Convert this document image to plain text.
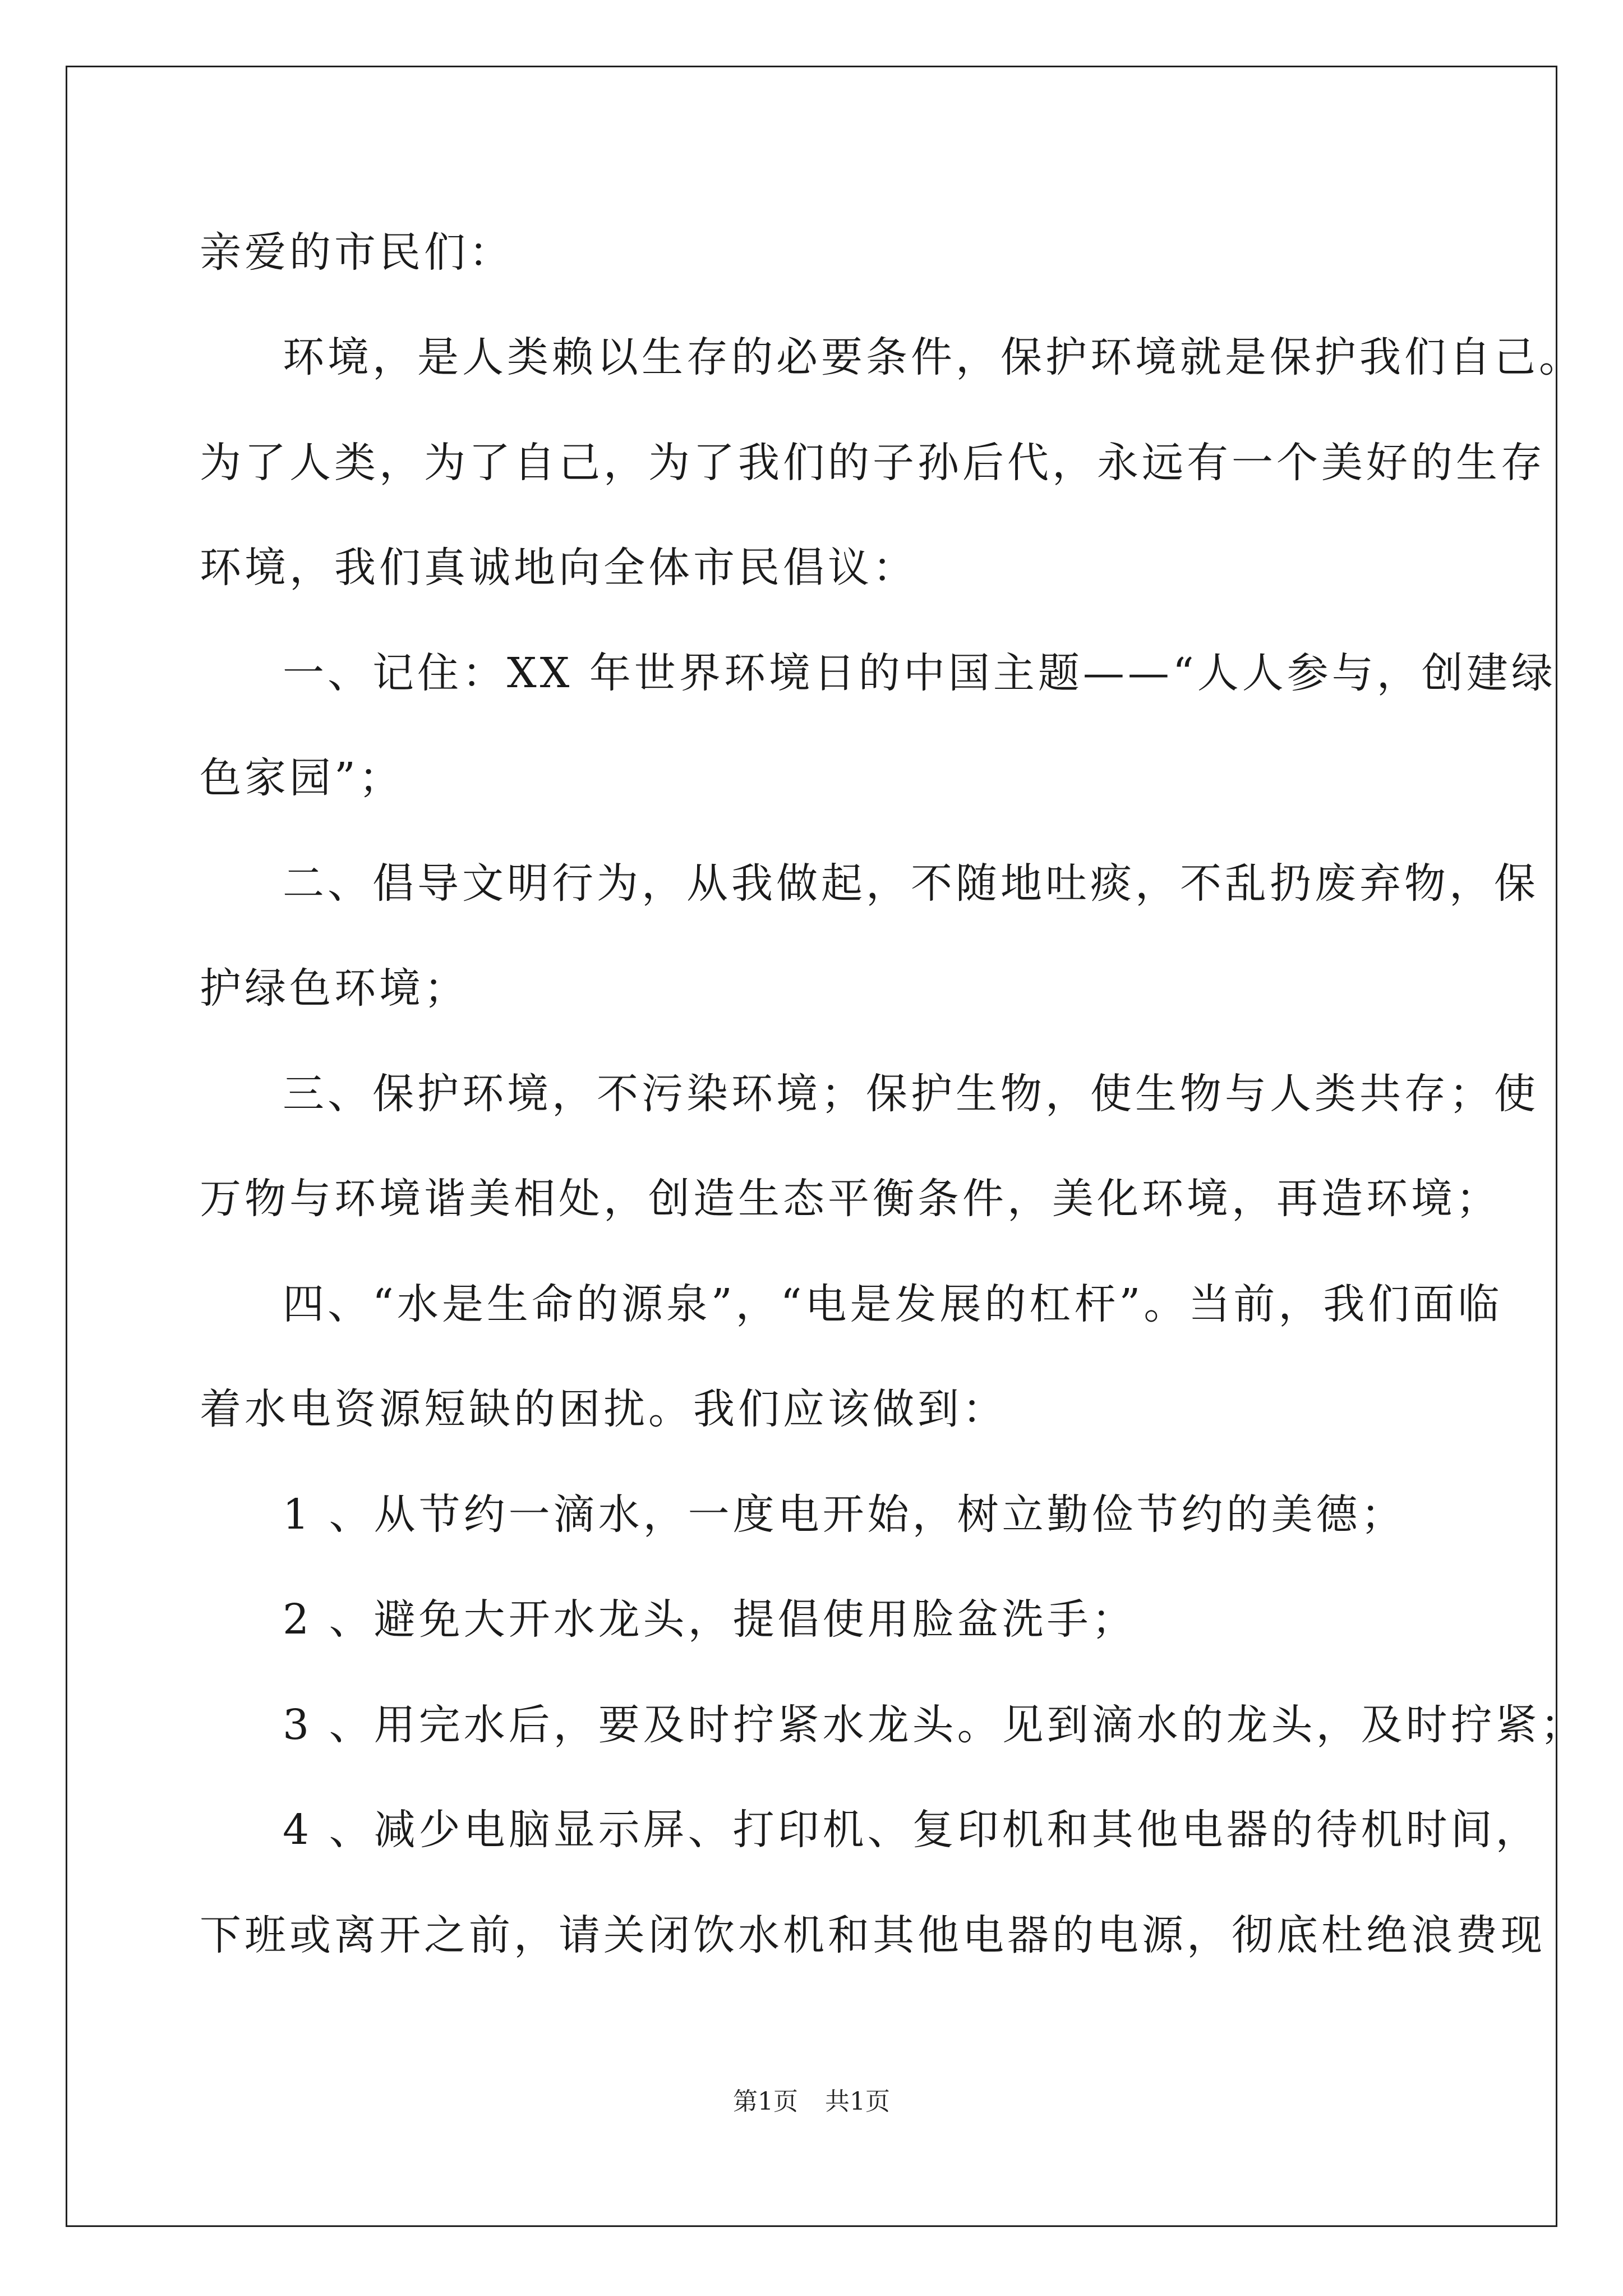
亲爱的市民们：
环境，是人类赖以生存的必要条件，保护环境就是保护我们自己。
为了人类，为了自己，为了我们的子孙后代，永远有一个美好的生存
环境，我们真诚地向全体市民倡议：
一、记住：XX 年世界环境日的中国主题——“人人参与，创建绿
色家园”；
二、倡导文明行为，从我做起，不随地吐痰，不乱扔废弃物，保
护绿色环境；
三、保护环境，不污染环境；保护生物，使生物与人类共存；使
万物与环境谐美相处，创造生态平衡条件，美化环境，再造环境；
四、“水是生命的源泉”，“电是发展的杠杆”。当前，我们面临
着水电资源短缺的困扰。我们应该做到：
1 、从节约一滴水，一度电开始，树立勤俭节约的美德；
2 、避免大开水龙头，提倡使用脸盆洗手；
3 、用完水后，要及时拧紧水龙头。见到滴水的龙头，及时拧紧；
4 、减少电脑显示屏、打印机、复印机和其他电器的待机时间，
下班或离开之前，请关闭饮水机和其他电器的电源，彻底杜绝浪费现
第1页 共1页
